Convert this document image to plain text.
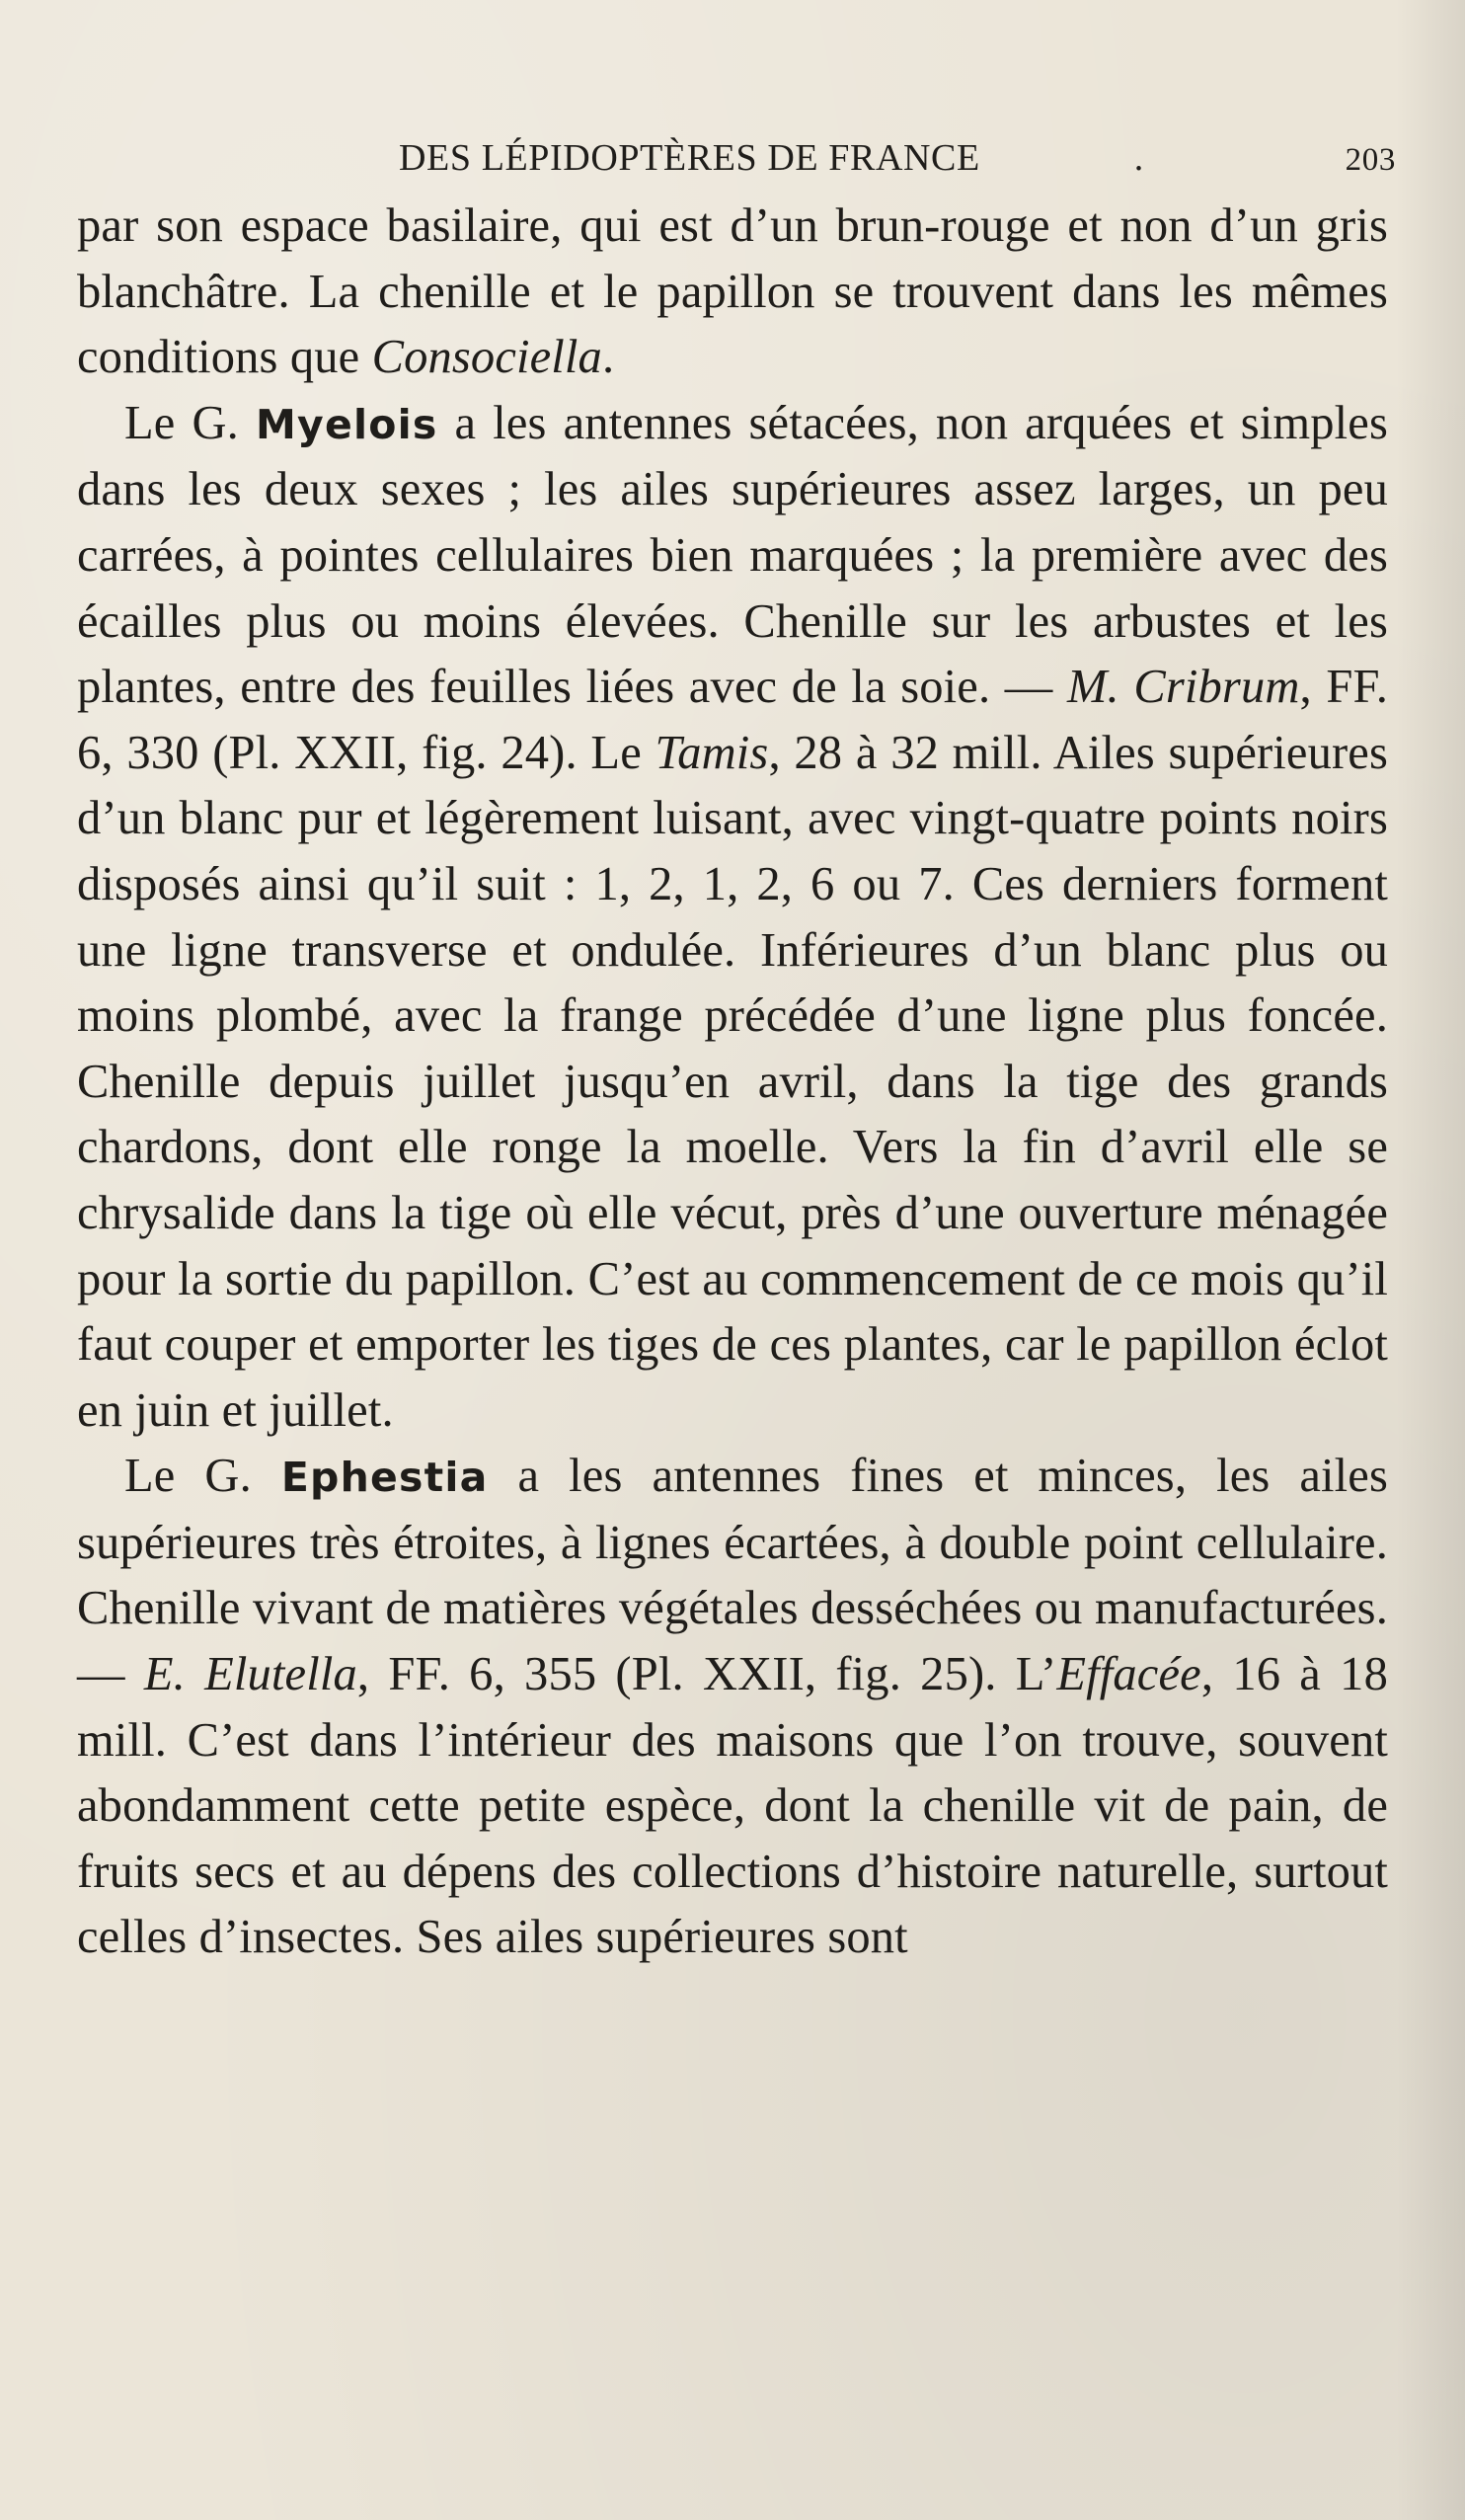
DES LÉPIDOPTÈRES DE FRANCE	.	203

par son espace basilaire, qui est d’un brun-rouge et non d’un gris blanchâtre. La chenille et le papillon se trouvent dans les mêmes conditions que Consociella.

Le G. Myelois a les antennes sétacées, non arquées et simples dans les deux sexes ; les ailes supérieures assez larges, un peu carrées, à pointes cellulaires bien marquées ; la première avec des écailles plus ou moins élevées. Chenille sur les arbustes et les plantes, entre des feuilles liées avec de la soie. — M. Cribrum, FF. 6, 330 (Pl. XXII, fig. 24). Le Tamis, 28 à 32 mill. Ailes supérieures d’un blanc pur et légèrement luisant, avec vingt-quatre points noirs disposés ainsi qu’il suit : 1, 2, 1, 2, 6 ou 7. Ces derniers forment une ligne transverse et ondulée. Inférieures d’un blanc plus ou moins plombé, avec la frange précédée d’une ligne plus foncée. Chenille depuis juillet jusqu’en avril, dans la tige des grands chardons, dont elle ronge la moelle. Vers la fin d’avril elle se chrysalide dans la tige où elle vécut, près d’une ouverture ménagée pour la sortie du papillon. C’est au commencement de ce mois qu’il faut couper et emporter les tiges de ces plantes, car le papillon éclot en juin et juillet.

Le G. Ephestia a les antennes fines et minces, les ailes supérieures très étroites, à lignes écartées, à double point cellulaire. Chenille vivant de matières végétales desséchées ou manufacturées. — E. Elutella, FF. 6, 355 (Pl. XXII, fig. 25). L’Effacée, 16 à 18 mill. C’est dans l’intérieur des maisons que l’on trouve, souvent abondamment cette petite espèce, dont la chenille vit de pain, de fruits secs et au dépens des collections d’histoire naturelle, surtout celles d’insectes. Ses ailes supérieures sont
